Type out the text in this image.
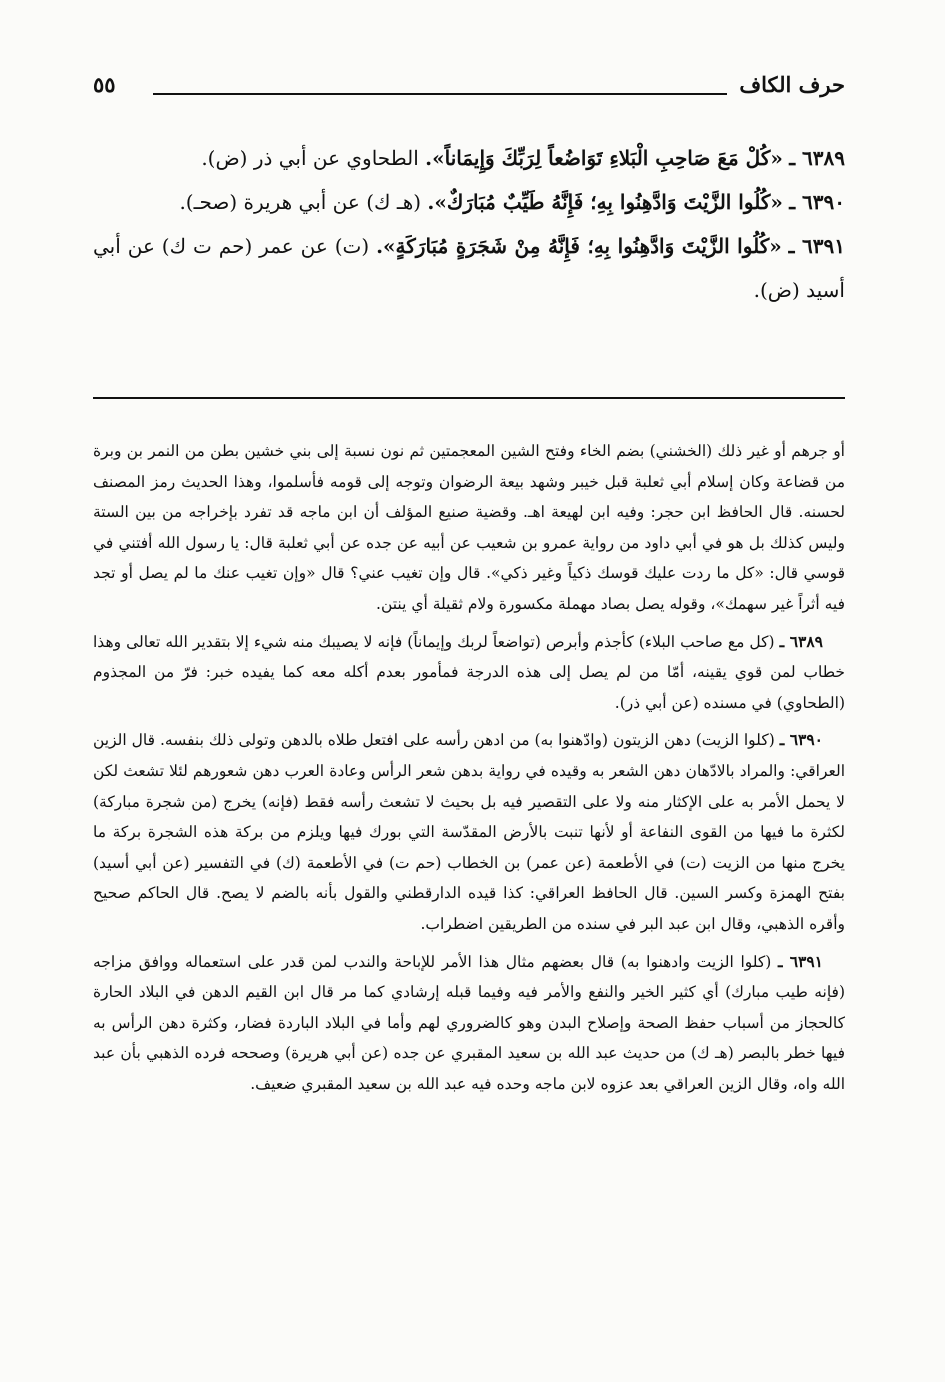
حرف الكاف
٥٥

٦٣٨٩ ـ «كُلْ مَعَ صَاحِبِ الْبَلاءِ تَوَاضُعاً لِرَبِّكَ وَإِيمَاناً». الطحاوي عن أبي ذر (ض).

٦٣٩٠ ـ «كُلُوا الزَّيْتَ وَادَّهِنُوا بِهِ؛ فَإِنَّهُ طَيِّبٌ مُبَارَكٌ». (هـ ك) عن أبي هريرة (صحـ).

٦٣٩١ ـ «كُلُوا الزَّيْتَ وَادَّهِنُوا بِهِ؛ فَإِنَّهُ مِنْ شَجَرَةٍ مُبَارَكَةٍ». (ت) عن عمر (حم ت ك) عن أبي أسيد (ض).

أو جرهم أو غير ذلك (الخشني) بضم الخاء وفتح الشين المعجمتين ثم نون نسبة إلى بني خشين بطن من النمر بن وبرة من قضاعة وكان إسلام أبي ثعلبة قبل خيبر وشهد بيعة الرضوان وتوجه إلى قومه فأسلموا، وهذا الحديث رمز المصنف لحسنه. قال الحافظ ابن حجر: وفيه ابن لهيعة اهـ. وقضية صنيع المؤلف أن ابن ماجه قد تفرد بإخراجه من بين الستة وليس كذلك بل هو في أبي داود من رواية عمرو بن شعيب عن أبيه عن جده عن أبي ثعلبة قال: يا رسول الله أفتني في قوسي قال: «كل ما ردت عليك قوسك ذكياً وغير ذكي». قال وإن تغيب عني؟ قال «وإن تغيب عنك ما لم يصل أو تجد فيه أثراً غير سهمك»، وقوله يصل بصاد مهملة مكسورة ولام ثقيلة أي ينتن.

٦٣٨٩ ـ (كل مع صاحب البلاء) كأجذم وأبرص (تواضعاً لربك وإيماناً) فإنه لا يصيبك منه شيء إلا بتقدير الله تعالى وهذا خطاب لمن قوي يقينه، أمّا من لم يصل إلى هذه الدرجة فمأمور بعدم أكله معه كما يفيده خبر: فرّ من المجذوم (الطحاوي) في مسنده (عن أبي ذر).

٦٣٩٠ ـ (كلوا الزيت) دهن الزيتون (وادّهنوا به) من ادهن رأسه على افتعل طلاه بالدهن وتولى ذلك بنفسه. قال الزين العراقي: والمراد بالادّهان دهن الشعر به وقيده في رواية بدهن شعر الرأس وعادة العرب دهن شعورهم لئلا تشعث لكن لا يحمل الأمر به على الإكثار منه ولا على التقصير فيه بل بحيث لا تشعث رأسه فقط (فإنه) يخرج (من شجرة مباركة) لكثرة ما فيها من القوى النفاعة أو لأنها تنبت بالأرض المقدّسة التي بورك فيها ويلزم من بركة هذه الشجرة بركة ما يخرج منها من الزيت (ت) في الأطعمة (عن عمر) بن الخطاب (حم ت) في الأطعمة (ك) في التفسير (عن أبي أسيد) بفتح الهمزة وكسر السين. قال الحافظ العراقي: كذا قيده الدارقطني والقول بأنه بالضم لا يصح. قال الحاكم صحيح وأقره الذهبي، وقال ابن عبد البر في سنده من الطريقين اضطراب.

٦٣٩١ ـ (كلوا الزيت وادهنوا به) قال بعضهم مثال هذا الأمر للإباحة والندب لمن قدر على استعماله ووافق مزاجه (فإنه طيب مبارك) أي كثير الخير والنفع والأمر فيه وفيما قبله إرشادي كما مر قال ابن القيم الدهن في البلاد الحارة كالحجاز من أسباب حفظ الصحة وإصلاح البدن وهو كالضروري لهم وأما في البلاد الباردة فضار، وكثرة دهن الرأس به فيها خطر بالبصر (هـ ك) من حديث عبد الله بن سعيد المقبري عن جده (عن أبي هريرة) وصححه فرده الذهبي بأن عبد الله واه، وقال الزين العراقي بعد عزوه لابن ماجه وحده فيه عبد الله بن سعيد المقبري ضعيف.
